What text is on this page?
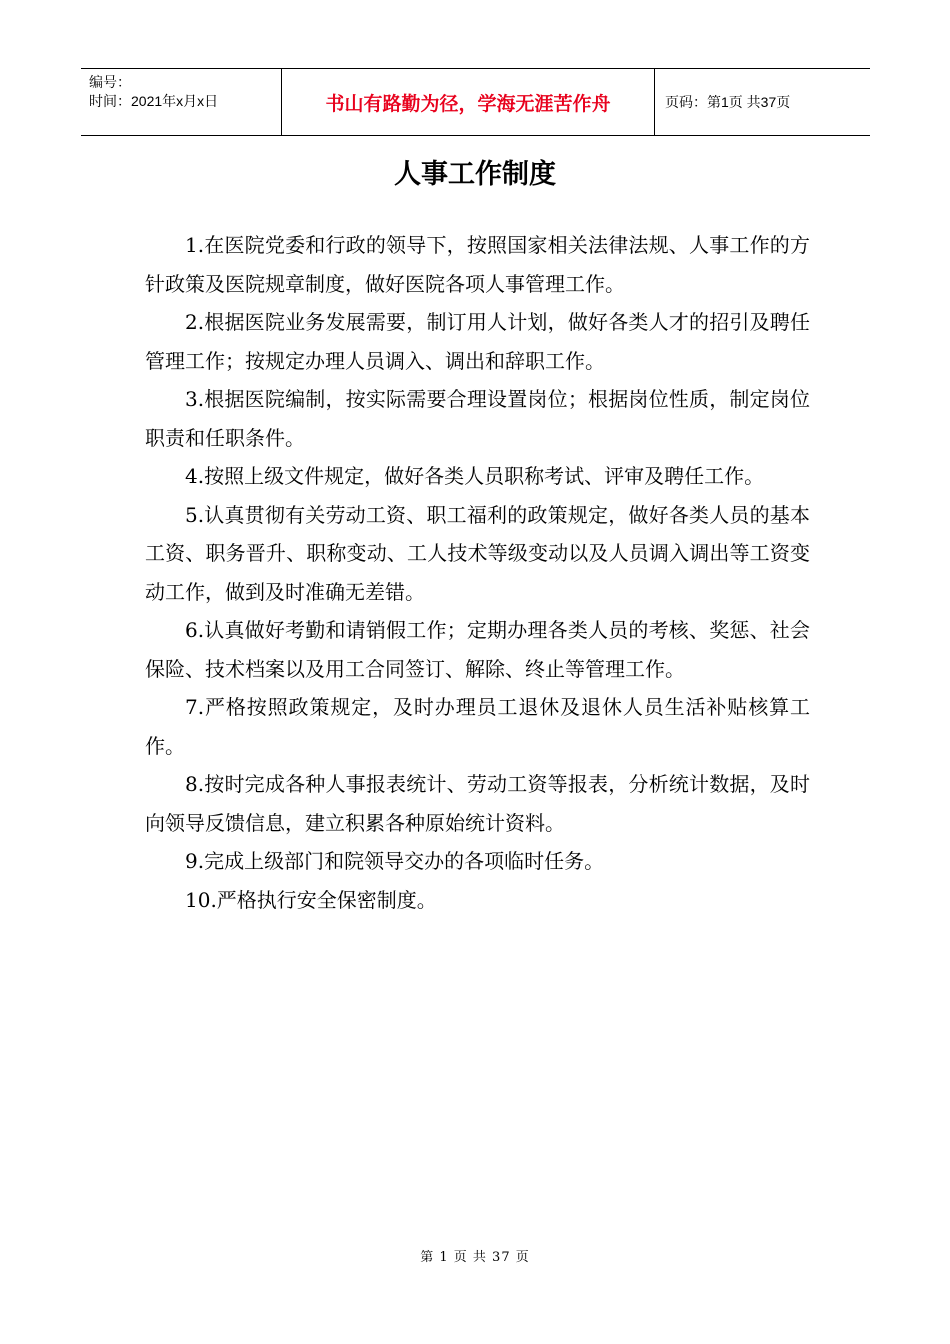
编号：
时间：2021年x月x日	书山有路勤为径，学海无涯苦作舟	页码：第1页 共37页
人事工作制度

1.在医院党委和行政的领导下，按照国家相关法律法规、人事工作的方针政策及医院规章制度，做好医院各项人事管理工作。

2.根据医院业务发展需要，制订用人计划，做好各类人才的招引及聘任管理工作；按规定办理人员调入、调出和辞职工作。

3.根据医院编制，按实际需要合理设置岗位；根据岗位性质，制定岗位职责和任职条件。

4.按照上级文件规定，做好各类人员职称考试、评审及聘任工作。

5.认真贯彻有关劳动工资、职工福利的政策规定，做好各类人员的基本工资、职务晋升、职称变动、工人技术等级变动以及人员调入调出等工资变动工作，做到及时准确无差错。

6.认真做好考勤和请销假工作；定期办理各类人员的考核、奖惩、社会保险、技术档案以及用工合同签订、解除、终止等管理工作。

7.严格按照政策规定，及时办理员工退休及退休人员生活补贴核算工作。

8.按时完成各种人事报表统计、劳动工资等报表，分析统计数据，及时向领导反馈信息，建立积累各种原始统计资料。

9.完成上级部门和院领导交办的各项临时任务。

10.严格执行安全保密制度。

第 1 页 共 37 页
